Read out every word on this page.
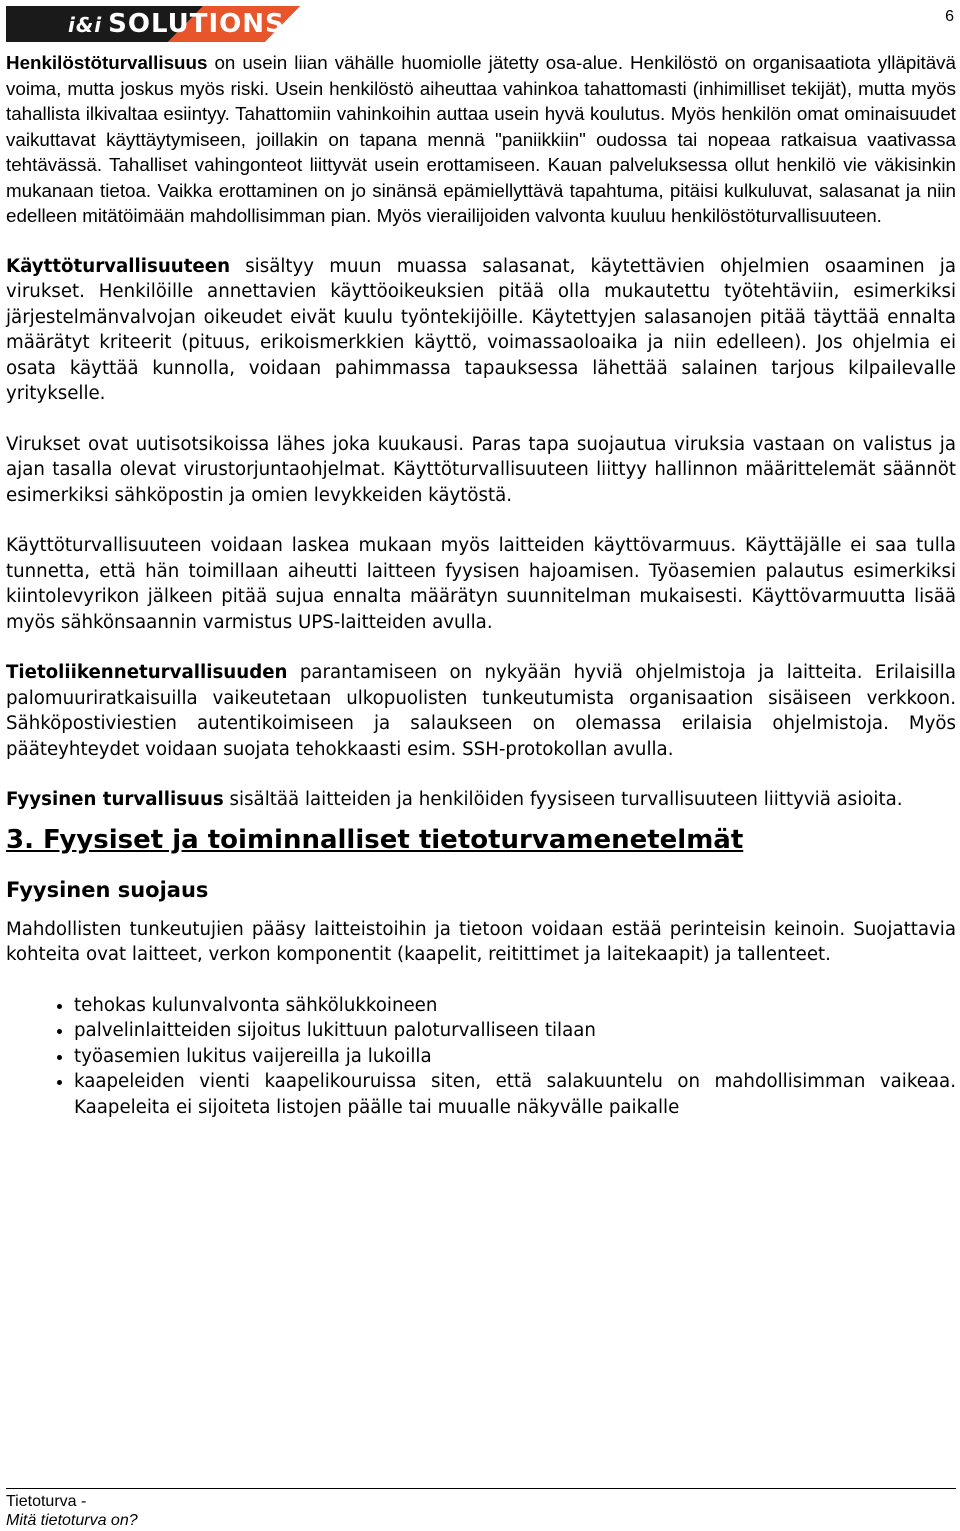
i&i SOLUTIONS	6

Henkilöstöturvallisuus on usein liian vähälle huomiolle jätetty osa-alue. Henkilöstö on organisaatiota ylläpitävä voima, mutta joskus myös riski. Usein henkilöstö aiheuttaa vahinkoa tahattomasti (inhimilliset tekijät), mutta myös tahallista ilkivaltaa esiintyy. Tahattomiin vahinkoihin auttaa usein hyvä koulutus. Myös henkilön omat ominaisuudet vaikuttavat käyttäytymiseen, joillakin on tapana mennä "paniikkiin" oudossa tai nopeaa ratkaisua vaativassa tehtävässä. Tahalliset vahingonteot liittyvät usein erottamiseen. Kauan palveluksessa ollut henkilö vie väkisinkin mukanaan tietoa. Vaikka erottaminen on jo sinänsä epämiellyttävä tapahtuma, pitäisi kulkuluvat, salasanat ja niin edelleen mitätöimään mahdollisimman pian. Myös vierailijoiden valvonta kuuluu henkilöstöturvallisuuteen.

Käyttöturvallisuuteen sisältyy muun muassa salasanat, käytettävien ohjelmien osaaminen ja virukset. Henkilöille annettavien käyttöoikeuksien pitää olla mukautettu työtehtäviin, esimerkiksi järjestelmänvalvojan oikeudet eivät kuulu työntekijöille. Käytettyjen salasanojen pitää täyttää ennalta määrätyt kriteerit (pituus, erikoismerkkien käyttö, voimassaoloaika ja niin edelleen). Jos ohjelmia ei osata käyttää kunnolla, voidaan pahimmassa tapauksessa lähettää salainen tarjous kilpailevalle yritykselle.

Virukset ovat uutisotsikoissa lähes joka kuukausi. Paras tapa suojautua viruksia vastaan on valistus ja ajan tasalla olevat virustorjuntaohjelmat. Käyttöturvallisuuteen liittyy hallinnon määrittelemät säännöt esimerkiksi sähköpostin ja omien levykkeiden käytöstä.

Käyttöturvallisuuteen voidaan laskea mukaan myös laitteiden käyttövarmuus. Käyttäjälle ei saa tulla tunnetta, että hän toimillaan aiheutti laitteen fyysisen hajoamisen. Työasemien palautus esimerkiksi kiintolevyrikon jälkeen pitää sujua ennalta määrätyn suunnitelman mukaisesti. Käyttövarmuutta lisää myös sähkönsaannin varmistus UPS-laitteiden avulla.

Tietoliikenneturvallisuuden parantamiseen on nykyään hyviä ohjelmistoja ja laitteita. Erilaisilla palomuuriratkaisuilla vaikeutetaan ulkopuolisten tunkeutumista organisaation sisäiseen verkkoon. Sähköpostiviestien autentikoimiseen ja salaukseen on olemassa erilaisia ohjelmistoja. Myös pääteyhteydet voidaan suojata tehokkaasti esim. SSH-protokollan avulla.

Fyysinen turvallisuus sisältää laitteiden ja henkilöiden fyysiseen turvallisuuteen liittyviä asioita.

3. Fyysiset ja toiminnalliset tietoturvamenetelmät
Fyysinen suojaus

Mahdollisten tunkeutujien pääsy laitteistoihin ja tietoon voidaan estää perinteisin keinoin. Suojattavia kohteita ovat laitteet, verkon komponentit (kaapelit, reitittimet ja laitekaapit) ja tallenteet.

• tehokas kulunvalvonta sähkölukkoineen
• palvelinlaitteiden sijoitus lukittuun paloturvalliseen tilaan
• työasemien lukitus vaijereilla ja lukoilla
• kaapeleiden vienti kaapelikouruissa siten, että salakuuntelu on mahdollisimman vaikeaa. Kaapeleita ei sijoiteta listojen päälle tai muualle näkyvälle paikalle
Tietoturva -
Mitä tietoturva on?
